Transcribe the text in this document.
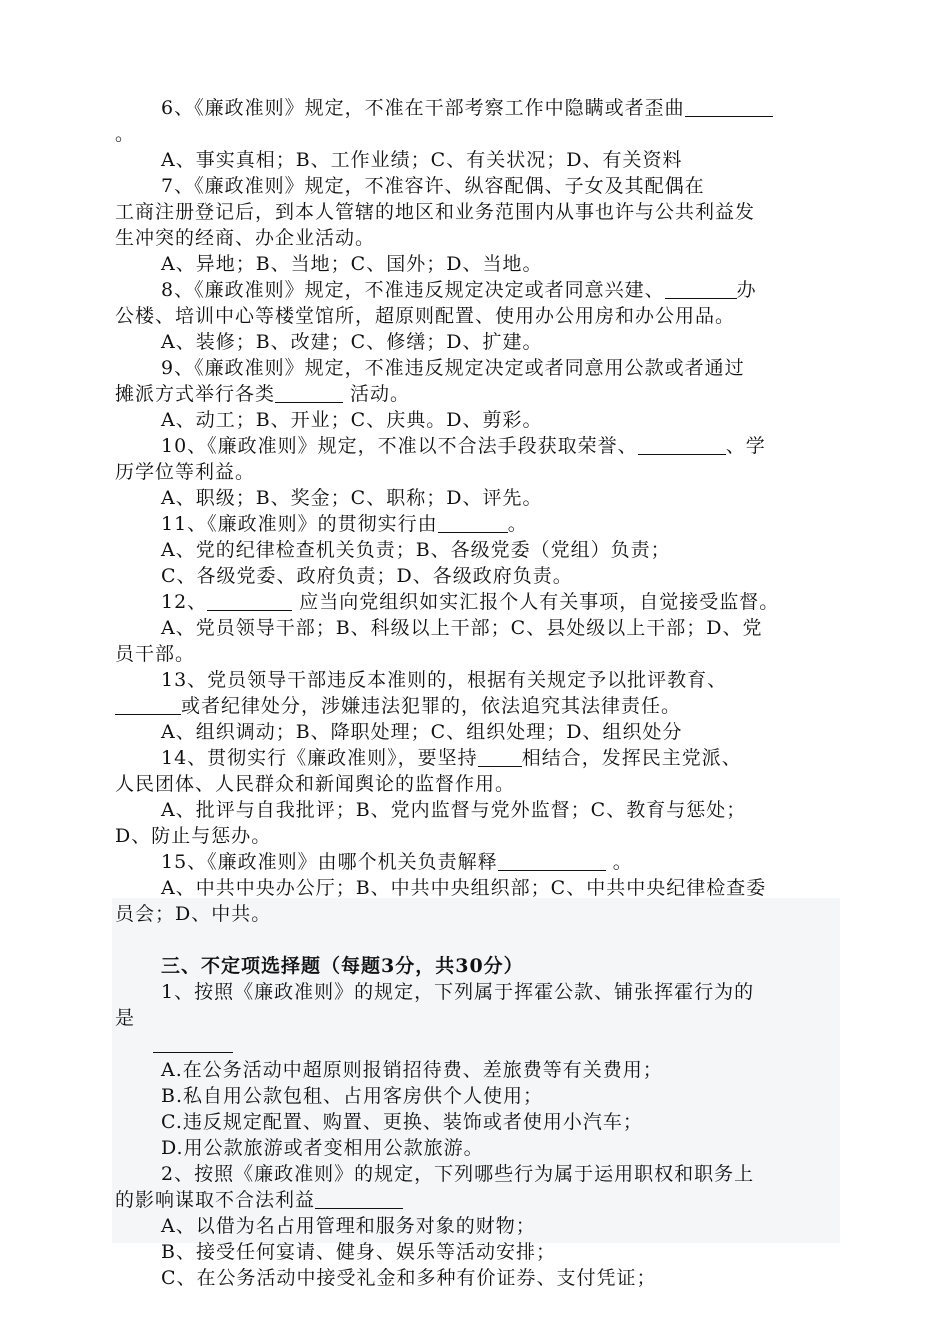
6、《廉政准则》规定，不准在干部考察工作中隐瞒或者歪曲

。

A、事实真相；B、工作业绩；C、有关状况；D、有关资料

7、《廉政准则》规定，不准容许、纵容配偶、子女及其配偶在

工商注册登记后，到本人管辖的地区和业务范围内从事也许与公共利益发

生冲突的经商、办企业活动。

A、异地；B、当地；C、国外；D、当地。

8、《廉政准则》规定，不准违反规定决定或者同意兴建、	办

公楼、培训中心等楼堂馆所，超原则配置、使用办公用房和办公用品。

A、装修；B、改建；C、修缮；D、扩建。

9、《廉政准则》规定，不准违反规定决定或者同意用公款或者通过

摊派方式举行各类	活动。

A、动工；B、开业；C、庆典。D、剪彩。

10、《廉政准则》规定，不准以不合法手段获取荣誉、	、学

历学位等利益。

A、职级；B、奖金；C、职称；D、评先。

11、《廉政准则》的贯彻实行由	。

A、党的纪律检查机关负责；B、各级党委（党组）负责；

C、各级党委、政府负责；D、各级政府负责。

12、	应当向党组织如实汇报个人有关事项，自觉接受监督。

A、党员领导干部；B、科级以上干部；C、县处级以上干部；D、党

员干部。

13、党员领导干部违反本准则的，根据有关规定予以批评教育、

或者纪律处分，涉嫌违法犯罪的，依法追究其法律责任。

A、组织调动；B、降职处理；C、组织处理；D、组织处分

14、贯彻实行《廉政准则》，要坚持 相结合，发挥民主党派、

人民团体、人民群众和新闻舆论的监督作用。

A、批评与自我批评；B、党内监督与党外监督；C、教育与惩处；

D、防止与惩办。

15、《廉政准则》由哪个机关负责解释	。

A、中共中央办公厅；B、中共中央组织部；C、中共中央纪律检查委

员会；D、中共。

三、不定项选择题（每题3分，共30分）

1、按照《廉政准则》的规定，下列属于挥霍公款、铺张挥霍行为的

是

A.在公务活动中超原则报销招待费、差旅费等有关费用；

B.私自用公款包租、占用客房供个人使用；

C.违反规定配置、购置、更换、装饰或者使用小汽车；

D.用公款旅游或者变相用公款旅游。

2、按照《廉政准则》的规定，下列哪些行为属于运用职权和职务上

的影响谋取不合法利益

A、以借为名占用管理和服务对象的财物；

B、接受任何宴请、健身、娱乐等活动安排；

C、在公务活动中接受礼金和多种有价证券、支付凭证；
